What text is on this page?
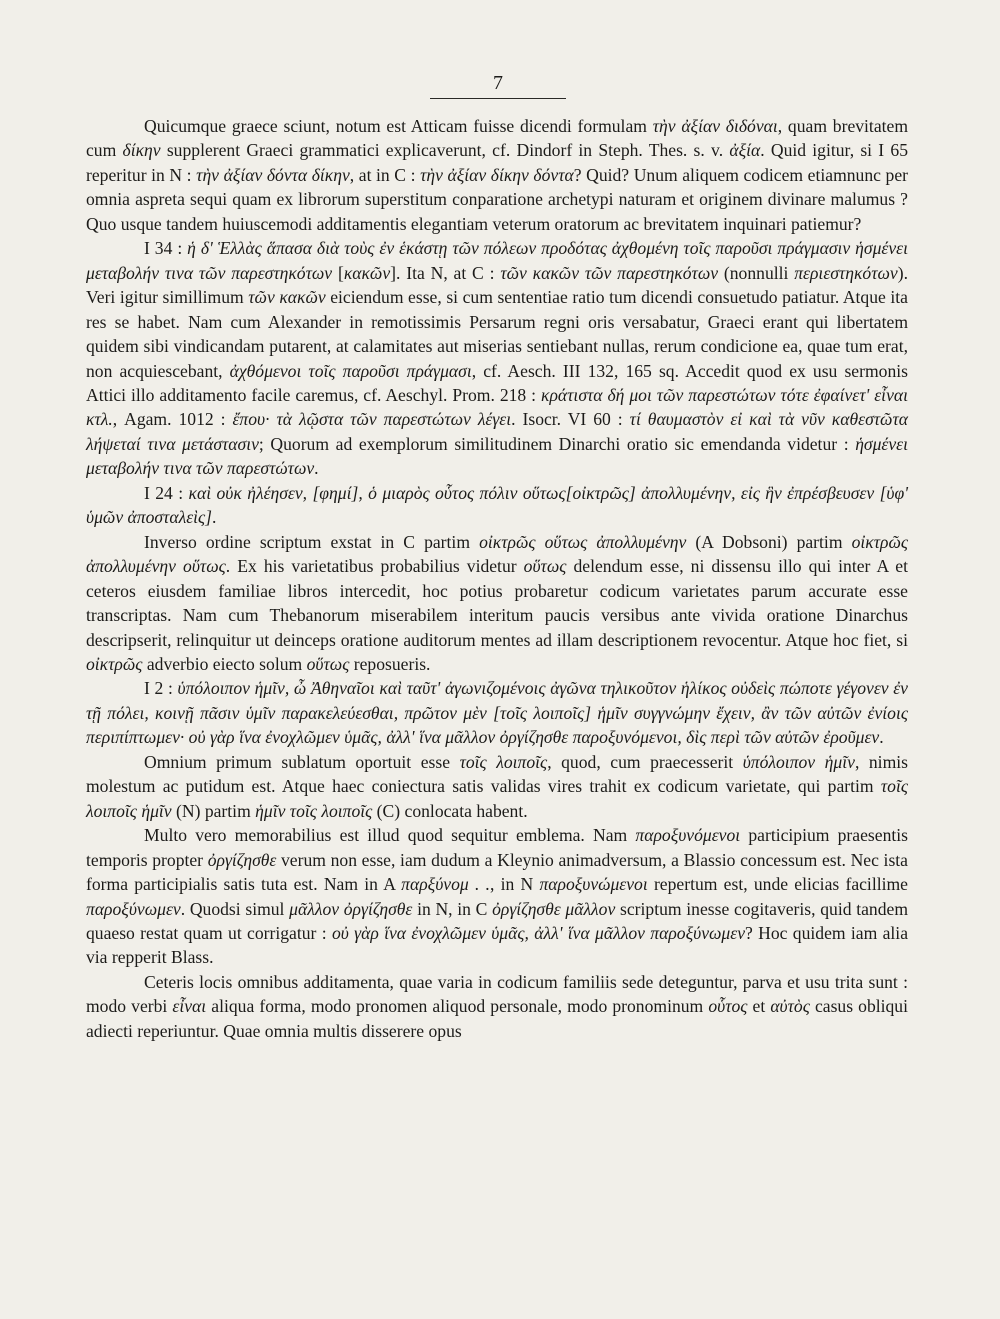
7

Quicumque graece sciunt, notum est Atticam fuisse dicendi formulam τὴν ἀξίαν διδόναι, quam brevitatem cum δίκην supplerent Graeci grammatici explicaverunt, cf. Dindorf in Steph. Thes. s. v. ἀξία. Quid igitur, si I 65 reperitur in N : τὴν ἀξίαν δόντα δίκην, at in C : τὴν ἀξίαν δίκην δόντα? Quid? Unum aliquem codicem etiamnunc per omnia aspreta sequi quam ex librorum superstitum conparatione archetypi naturam et originem divinare malumus ? Quo usque tandem huiuscemodi additamentis elegantiam veterum oratorum ac brevitatem inquinari patiemur?

I 34 : ἡ δ' Ἑλλὰς ἅπασα διὰ τοὺς ἐν ἑκάστῃ τῶν πόλεων προδότας ἀχθομένη τοῖς παροῦσι πράγμασιν ἡσμένει μεταβολήν τινα τῶν παρεστηκότων [κακῶν]. Ita N, at C : τῶν κακῶν τῶν παρεστηκότων (nonnulli περιεστηκότων). Veri igitur simillimum τῶν κακῶν eiciendum esse, si cum sententiae ratio tum dicendi consuetudo patiatur. Atque ita res se habet. Nam cum Alexander in remotissimis Persarum regni oris versabatur, Graeci erant qui libertatem quidem sibi vindicandam putarent, at calamitates aut miserias sentiebant nullas, rerum condicione ea, quae tum erat, non acquiescebant, ἀχθόμενοι τοῖς παροῦσι πράγμασι, cf. Aesch. III 132, 165 sq. Accedit quod ex usu sermonis Attici illo additamento facile caremus, cf. Aeschyl. Prom. 218 : κράτιστα δή μοι τῶν παρεστώτων τότε ἐφαίνετ' εἶναι κτλ., Agam. 1012 : ἔπου· τὰ λῷστα τῶν παρεστώτων λέγει. Isocr. VI 60 : τί θαυμαστὸν εἰ καὶ τὰ νῦν καθεστῶτα λήψεταί τινα μετάστασιν; Quorum ad exemplorum similitudinem Dinarchi oratio sic emendanda videtur : ἡσμένει μεταβολήν τινα τῶν παρεστώτων.

I 24 : καὶ οὐκ ἠλέησεν, [φημί], ὁ μιαρὸς οὗτος πόλιν οὕτως[οἰκτρῶς] ἀπολλυμένην, εἰς ἣν ἐπρέσβευσεν [ὑφ' ὑμῶν ἀποσταλεὶς].

Inverso ordine scriptum exstat in C partim οἰκτρῶς οὕτως ἀπολλυμένην (A Dobsoni) partim οἰκτρῶς ἀπολλυμένην οὕτως. Ex his varietatibus probabilius videtur οὕτως delendum esse, ni dissensu illo qui inter A et ceteros eiusdem familiae libros intercedit, hoc potius probaretur codicum varietates parum accurate esse transcriptas. Nam cum Thebanorum miserabilem interitum paucis versibus ante vivida oratione Dinarchus descripserit, relinquitur ut deinceps oratione auditorum mentes ad illam descriptionem revocentur. Atque hoc fiet, si οἰκτρῶς adverbio eiecto solum οὕτως reposueris.

I 2 : ὑπόλοιπον ἡμῖν, ὦ Ἀθηναῖοι καὶ ταῦτ' ἀγωνιζομένοις ἀγῶνα τηλικοῦτον ἡλίκος οὐδεὶς πώποτε γέγονεν ἐν τῇ πόλει, κοινῇ πᾶσιν ὑμῖν παρακελεύεσθαι, πρῶτον μὲν [τοῖς λοιποῖς] ἡμῖν συγγνώμην ἔχειν, ἂν τῶν αὐτῶν ἐνίοις περιπίπτωμεν· οὐ γὰρ ἵνα ἐνοχλῶμεν ὑμᾶς, ἀλλ' ἵνα μᾶλλον ὀργίζησθε παροξυνόμενοι, δὶς περὶ τῶν αὐτῶν ἐροῦμεν.

Omnium primum sublatum oportuit esse τοῖς λοιποῖς, quod, cum praecesserit ὑπόλοιπον ἡμῖν, nimis molestum ac putidum est. Atque haec coniectura satis validas vires trahit ex codicum varietate, qui partim τοῖς λοιποῖς ἡμῖν (N) partim ἡμῖν τοῖς λοιποῖς (C) conlocata habent.

Multo vero memorabilius est illud quod sequitur emblema. Nam παροξυνόμενοι participium praesentis temporis propter ὀργίζησθε verum non esse, iam dudum a Kleynio animadversum, a Blassio concessum est. Nec ista forma participialis satis tuta est. Nam in A παρξύνομ . ., in N παροξυνώμενοι repertum est, unde elicias facillime παροξύνωμεν. Quodsi simul μᾶλλον ὀργίζησθε in N, in C ὀργίζησθε μᾶλλον scriptum inesse cogitaveris, quid tandem quaeso restat quam ut corrigatur : οὐ γὰρ ἵνα ἐνοχλῶμεν ὑμᾶς, ἀλλ' ἵνα μᾶλλον παροξύνωμεν? Hoc quidem iam alia via repperit Blass.

Ceteris locis omnibus additamenta, quae varia in codicum familiis sede deteguntur, parva et usu trita sunt : modo verbi εἶναι aliqua forma, modo pronomen aliquod personale, modo pronominum οὗτος et αὐτὸς casus obliqui adiecti reperiuntur. Quae omnia multis disserere opus
